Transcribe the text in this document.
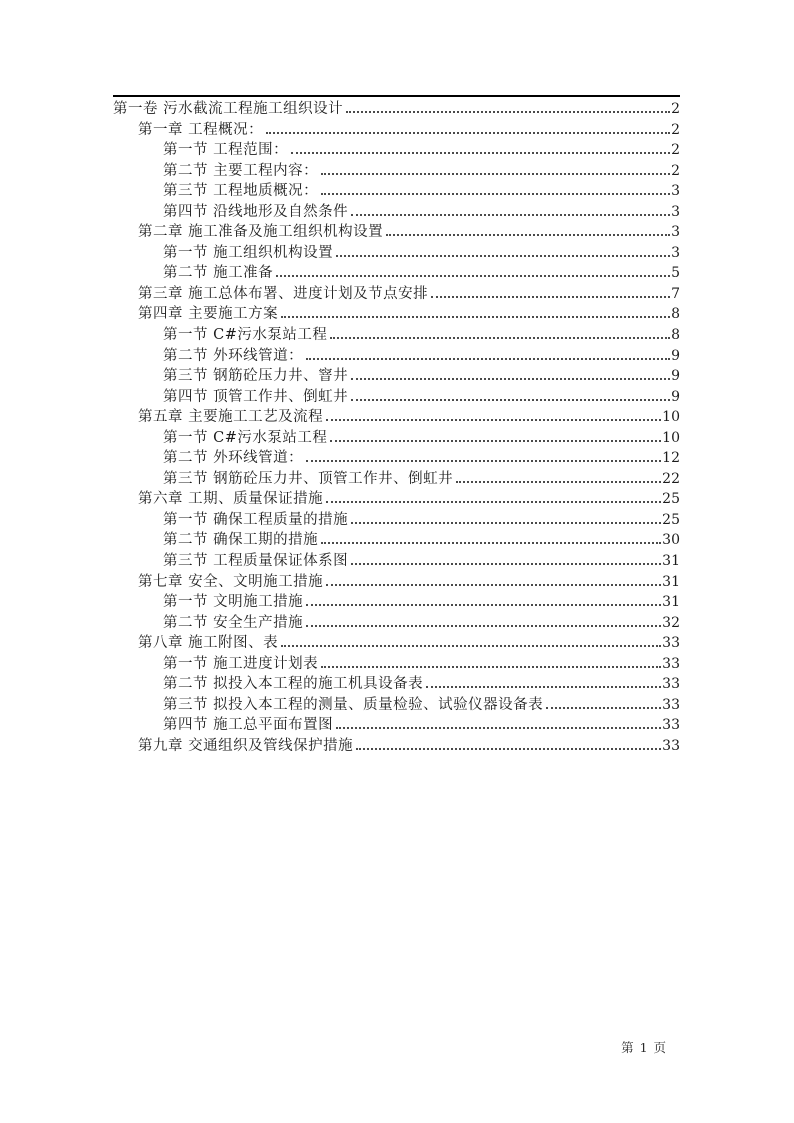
第一卷 污水截流工程施工组织设计	2
第一章 工程概况：	2
第一节 工程范围：	2
第二节 主要工程内容：	2
第三节 工程地质概况：	3
第四节 沿线地形及自然条件	3
第二章 施工准备及施工组织机构设置	3
第一节 施工组织机构设置	3
第二节 施工准备	5
第三章 施工总体布署、进度计划及节点安排	7
第四章 主要施工方案	8
第一节 C#污水泵站工程	8
第二节 外环线管道：	9
第三节 钢筋砼压力井、窨井	9
第四节 顶管工作井、倒虹井	9
第五章 主要施工工艺及流程	10
第一节 C#污水泵站工程	10
第二节 外环线管道：	12
第三节 钢筋砼压力井、顶管工作井、倒虹井	22
第六章 工期、质量保证措施	25
第一节 确保工程质量的措施	25
第二节 确保工期的措施	30
第三节 工程质量保证体系图	31
第七章 安全、文明施工措施	31
第一节 文明施工措施	31
第二节 安全生产措施	32
第八章 施工附图、表	33
第一节 施工进度计划表	33
第二节 拟投入本工程的施工机具设备表	33
第三节 拟投入本工程的测量、质量检验、试验仪器设备表	33
第四节 施工总平面布置图	33
第九章 交通组织及管线保护措施	33
第 1 页
